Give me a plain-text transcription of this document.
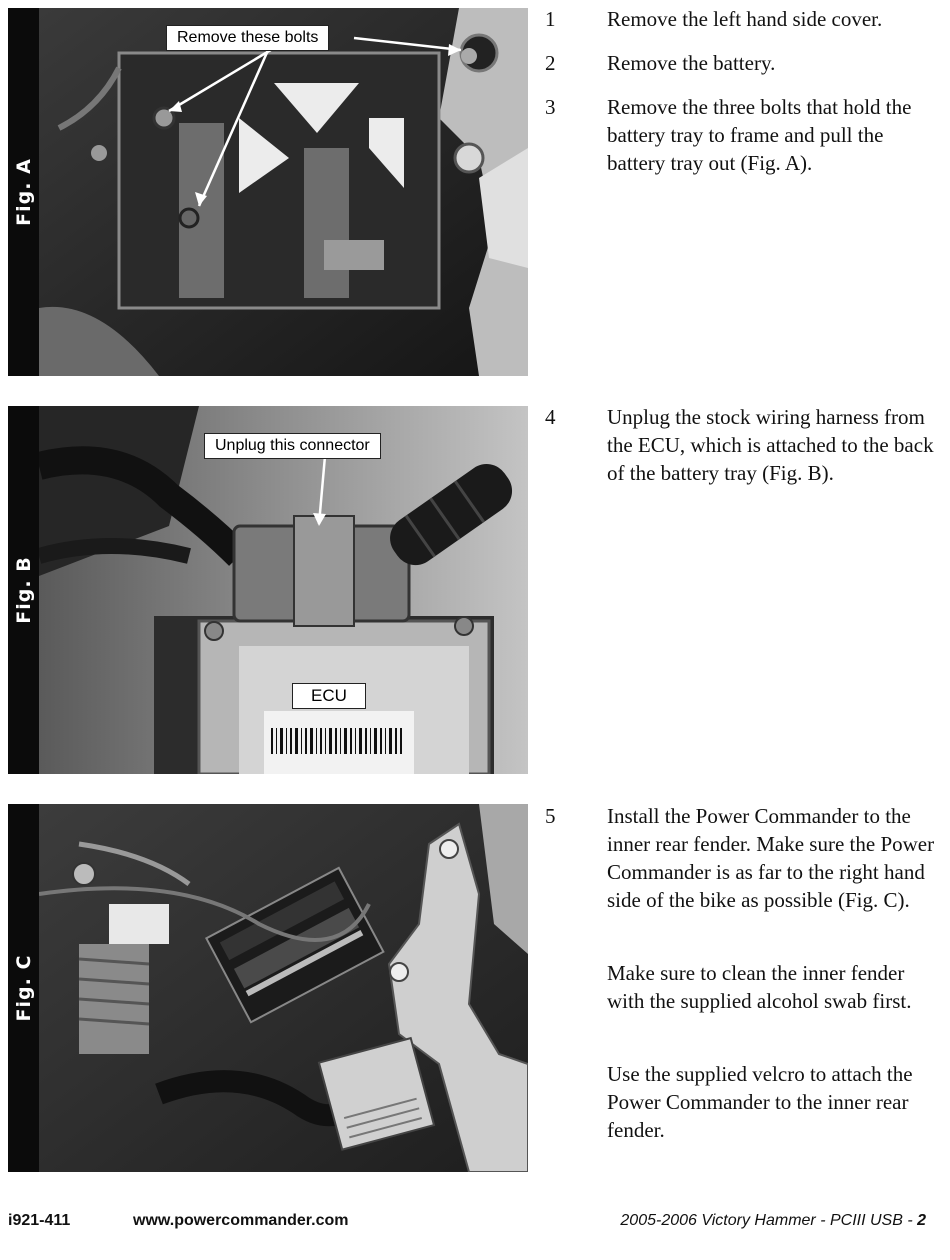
Fig. A
Remove these bolts
Fig. B
Unplug this connector
ECU
Fig. C
1 Remove the left hand side cover.
2 Remove the battery.
3 Remove the three bolts that hold the battery tray to frame and pull the battery tray out (Fig. A).
4 Unplug the stock wiring harness from the ECU, which is attached to the back of the battery tray (Fig. B).
5 Install the Power Commander to the inner rear fender. Make sure the Power Commander is as far to the right hand side of the bike as possible (Fig. C).
Make sure to clean the inner fender with the supplied alcohol swab first.
Use the supplied velcro to attach the Power Commander to the inner rear fender.
i921-411	www.powercommander.com	2005-2006 Victory Hammer - PCIII USB - 2
